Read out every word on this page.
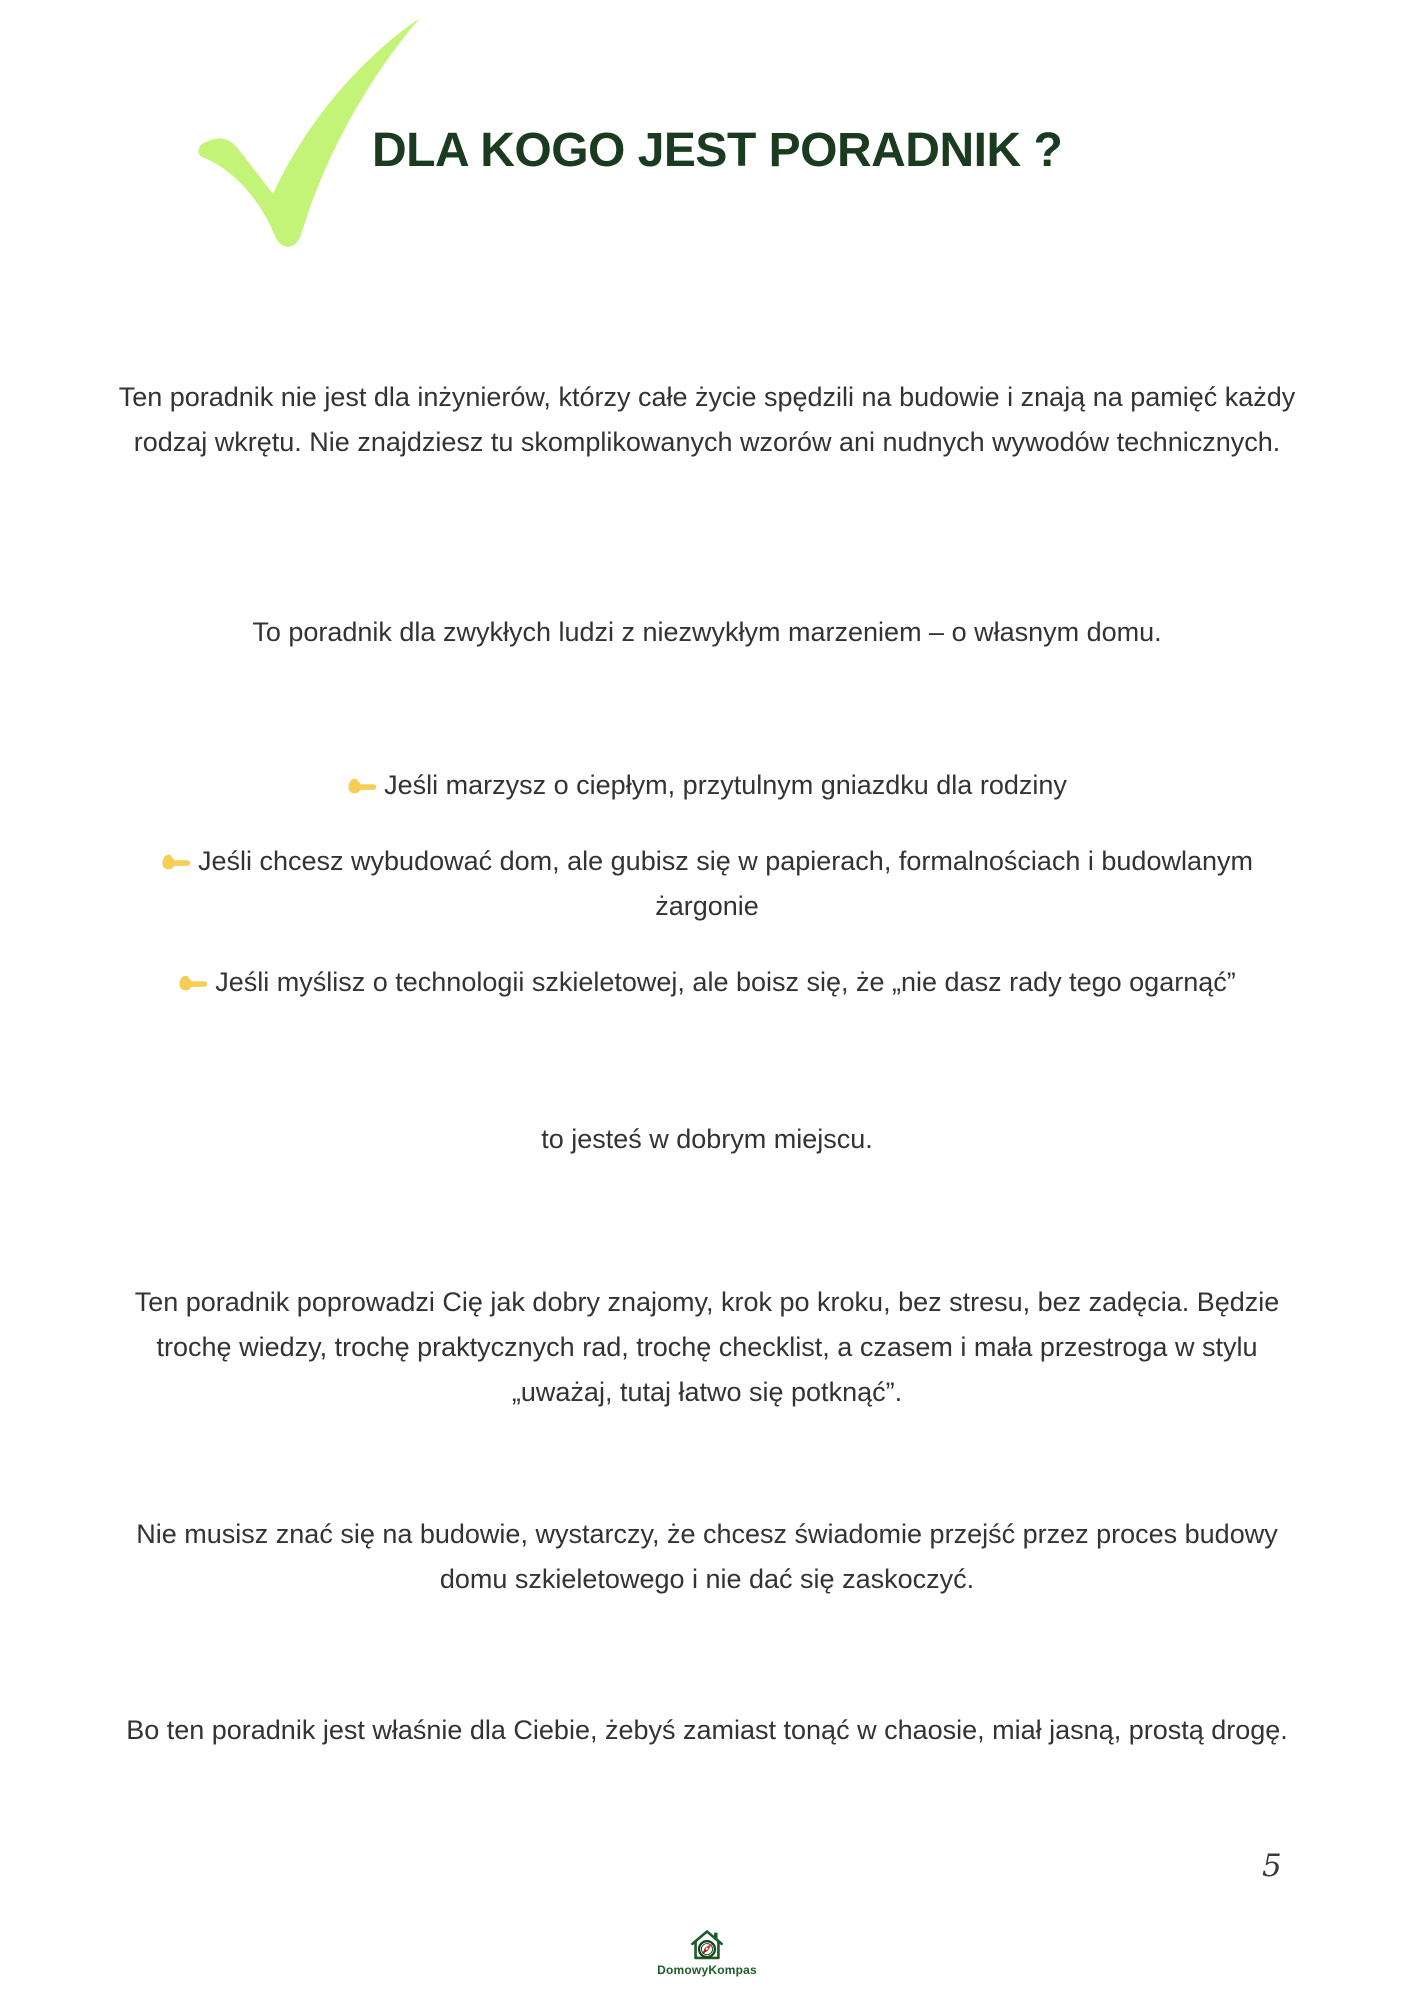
DLA KOGO JEST PORADNIK ?

Ten poradnik nie jest dla inżynierów, którzy całe życie spędzili na budowie i znają na pamięć każdy rodzaj wkrętu. Nie znajdziesz tu skomplikowanych wzorów ani nudnych wywodów technicznych.

To poradnik dla zwykłych ludzi z niezwykłym marzeniem – o własnym domu.

Jeśli marzysz o ciepłym, przytulnym gniazdku dla rodziny
Jeśli chcesz wybudować dom, ale gubisz się w papierach, formalnościach i budowlanym żargonie
Jeśli myślisz o technologii szkieletowej, ale boisz się, że „nie dasz rady tego ogarnąć”

to jesteś w dobrym miejscu.

Ten poradnik poprowadzi Cię jak dobry znajomy, krok po kroku, bez stresu, bez zadęcia. Będzie trochę wiedzy, trochę praktycznych rad, trochę checklist, a czasem i mała przestroga w stylu „uważaj, tutaj łatwo się potknąć”.

Nie musisz znać się na budowie, wystarczy, że chcesz świadomie przejść przez proces budowy domu szkieletowego i nie dać się zaskoczyć.

Bo ten poradnik jest właśnie dla Ciebie, żebyś zamiast tonąć w chaosie, miał jasną, prostą drogę.

5
DomowyKompas
